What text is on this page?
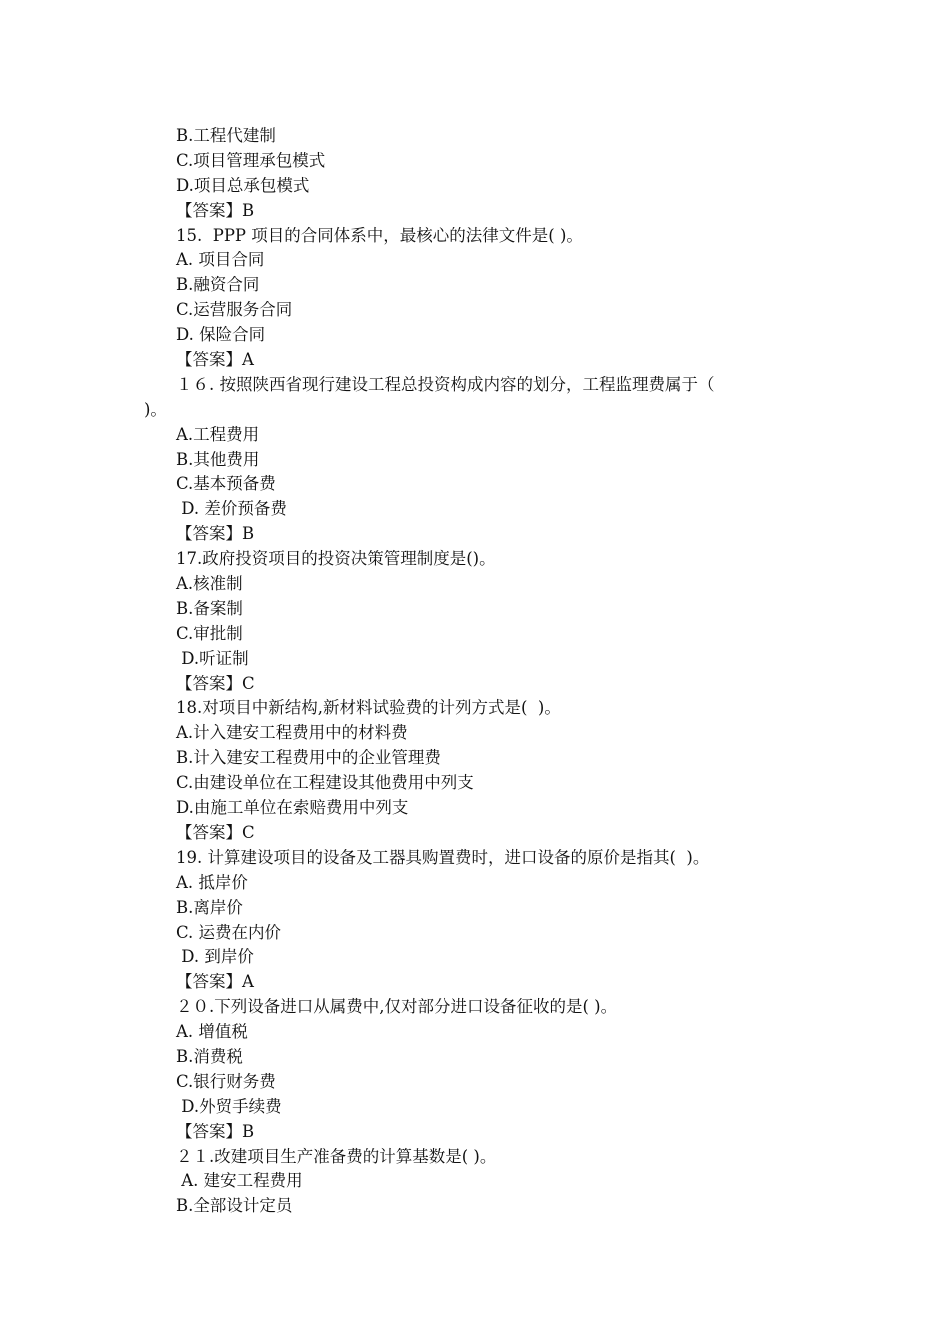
B.工程代建制
C.项目管理承包模式
D.项目总承包模式
【答案】B
15.  PPP 项目的合同体系中，最核心的法律文件是( )。
A. 项目合同
B.融资合同
C.运营服务合同
D. 保险合同
【答案】A
１６. 按照陕西省现行建设工程总投资构成内容的划分，工程监理费属于（
)。
A.工程费用
B.其他费用
C.基本预备费
D. 差价预备费
【答案】B
17.政府投资项目的投资决策管理制度是()。
A.核准制
B.备案制
C.审批制
D.听证制
【答案】C
18.对项目中新结构,新材料试验费的计列方式是(  )。
A.计入建安工程费用中的材料费
B.计入建安工程费用中的企业管理费
C.由建设单位在工程建设其他费用中列支
D.由施工单位在索赔费用中列支
【答案】C
19. 计算建设项目的设备及工器具购置费时，进口设备的原价是指其(  )。
A. 抵岸价
B.离岸价
C. 运费在内价
D. 到岸价
【答案】A
２０.下列设备进口从属费中,仅对部分进口设备征收的是( )。
A. 增值税
B.消费税
C.银行财务费
D.外贸手续费
【答案】B
２１.改建项目生产准备费的计算基数是( )。
A. 建安工程费用
B.全部设计定员
